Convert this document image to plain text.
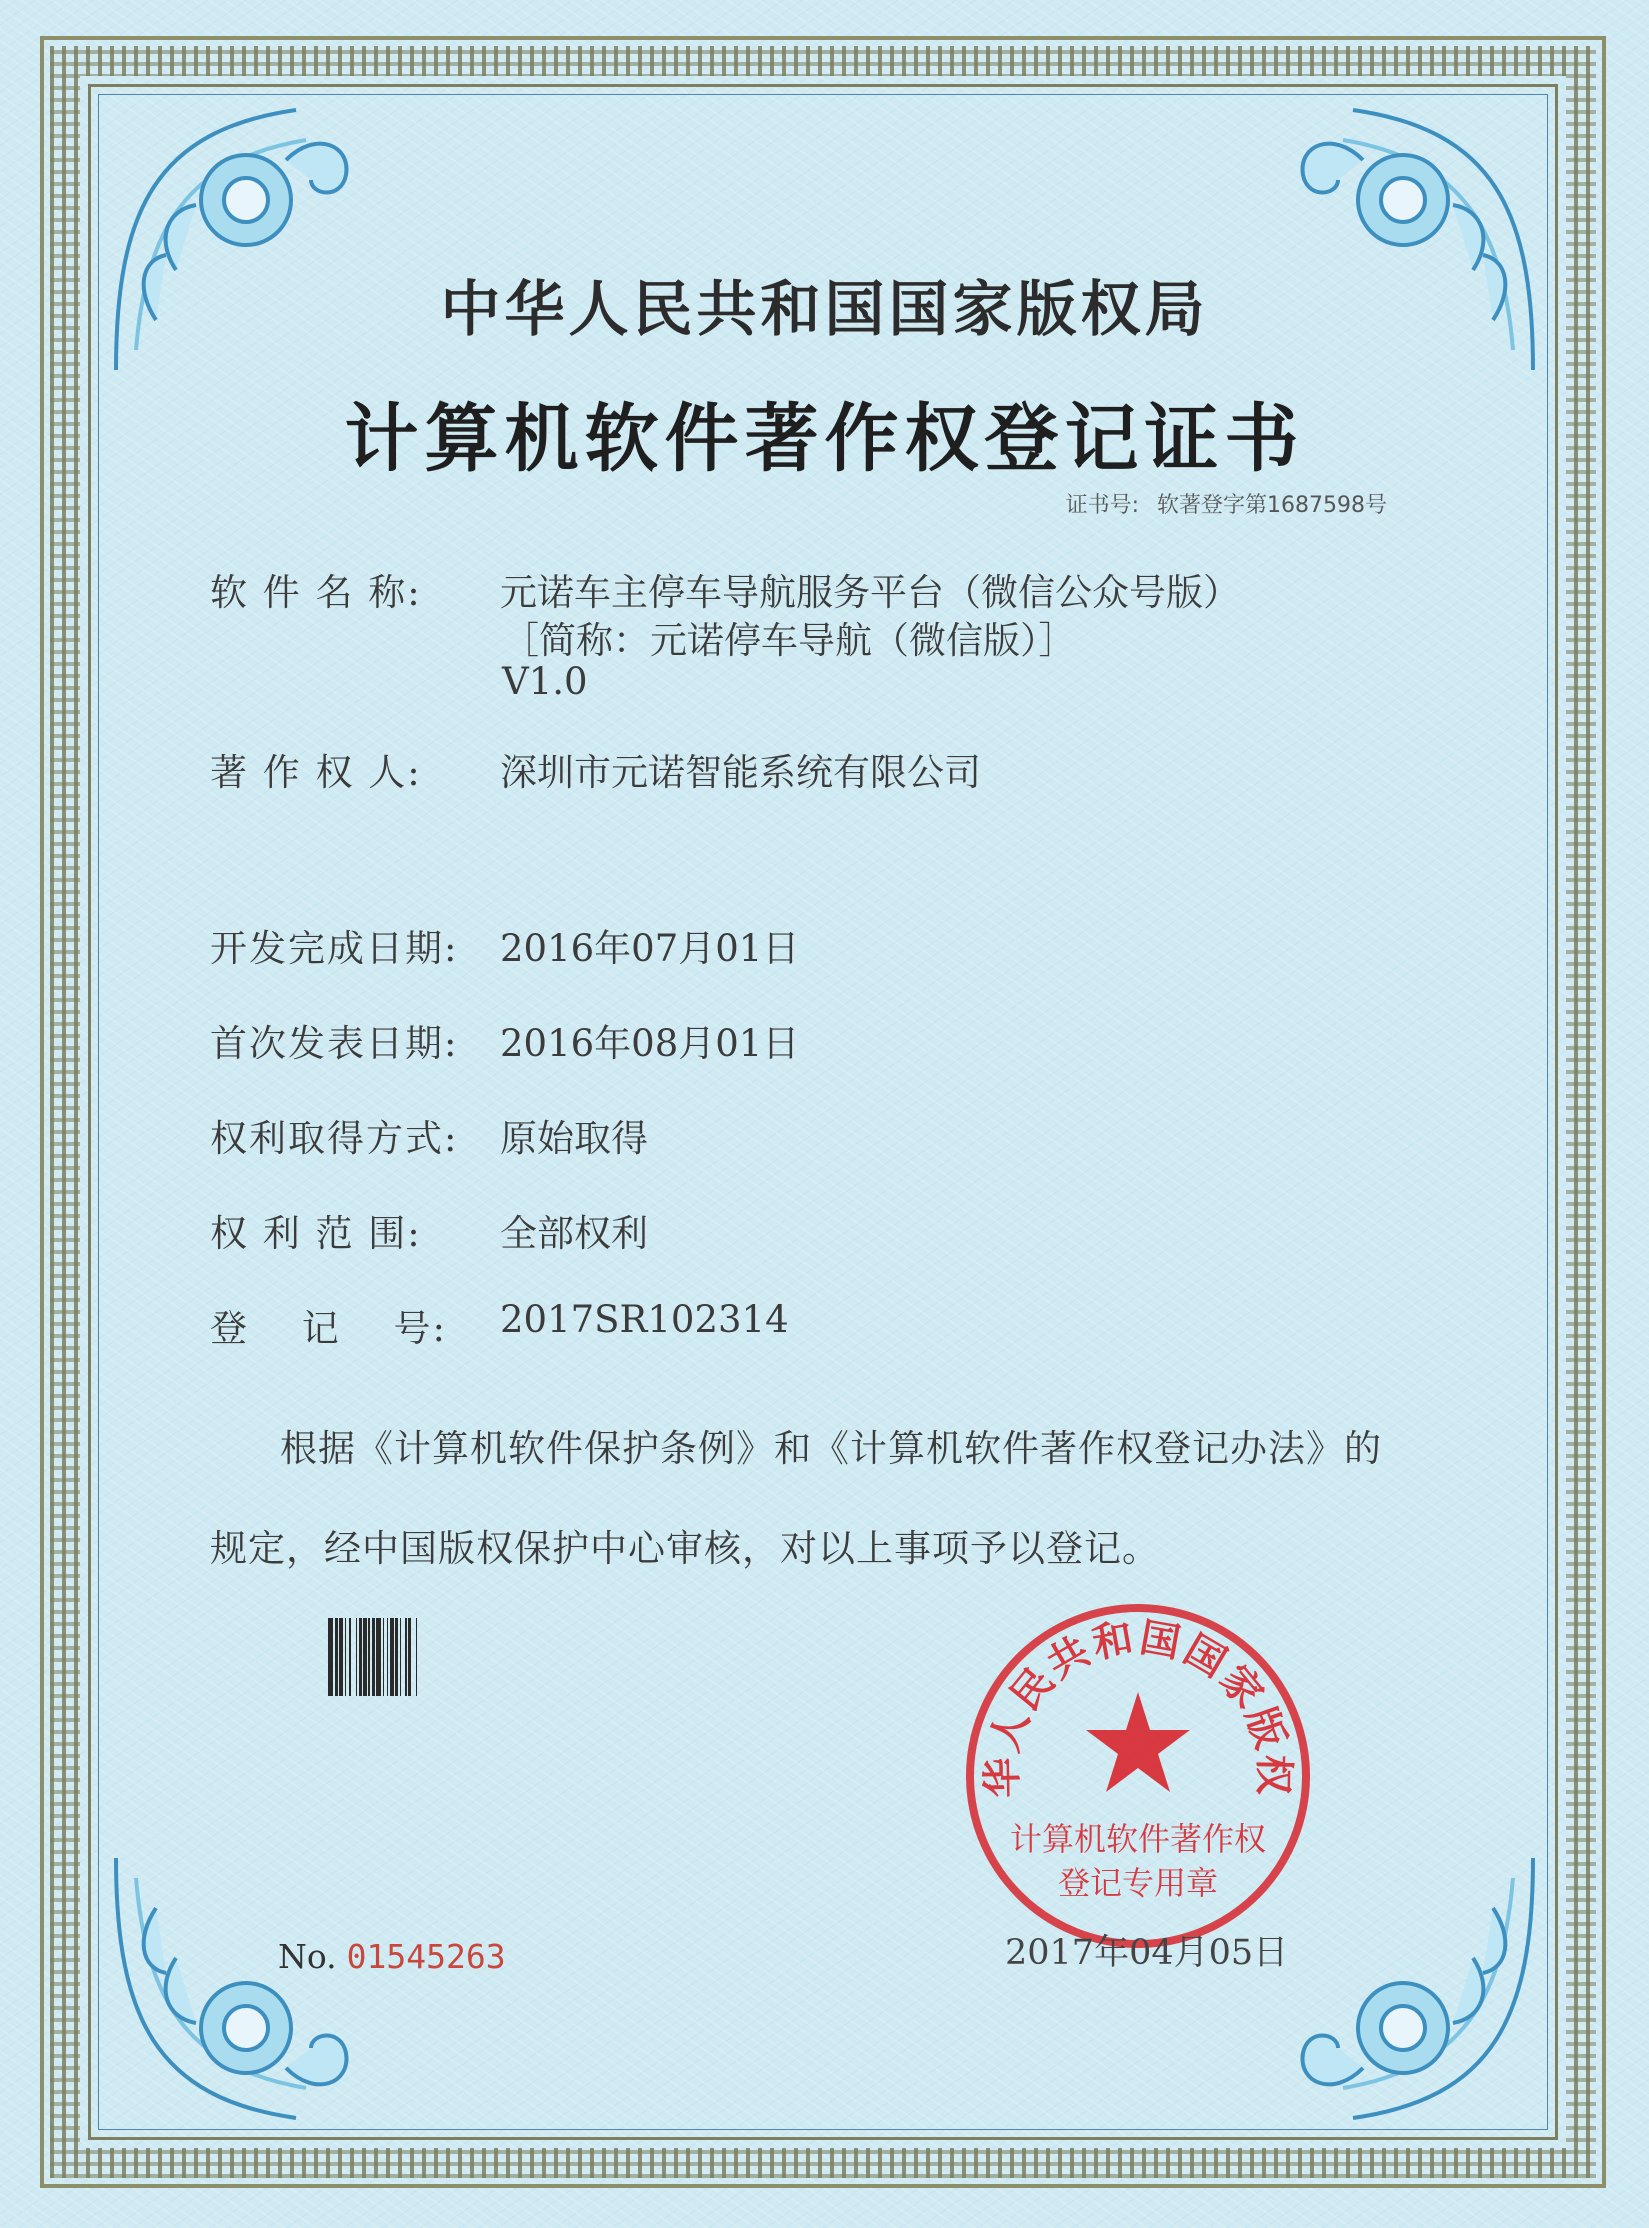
中华人民共和国国家版权局
计算机软件著作权登记证书
证书号: 软著登字第1687598号
软 件 名 称: 元诺车主停车导航服务平台（微信公众号版）
［简称：元诺停车导航（微信版）］
V1.0
著 作 权 人: 深圳市元诺智能系统有限公司
开发完成日期: 2016年07月01日
首次发表日期: 2016年08月01日
权利取得方式: 原始取得
权 利 范 围: 全部权利
登　 记　 号: 2017SR102314
根据《计算机软件保护条例》和《计算机软件著作权登记办法》的
规定，经中国版权保护中心审核，对以上事项予以登记。
华人民共和国国家版权
计算机软件著作权
登记专用章
No. 01545263	2017年04月05日
